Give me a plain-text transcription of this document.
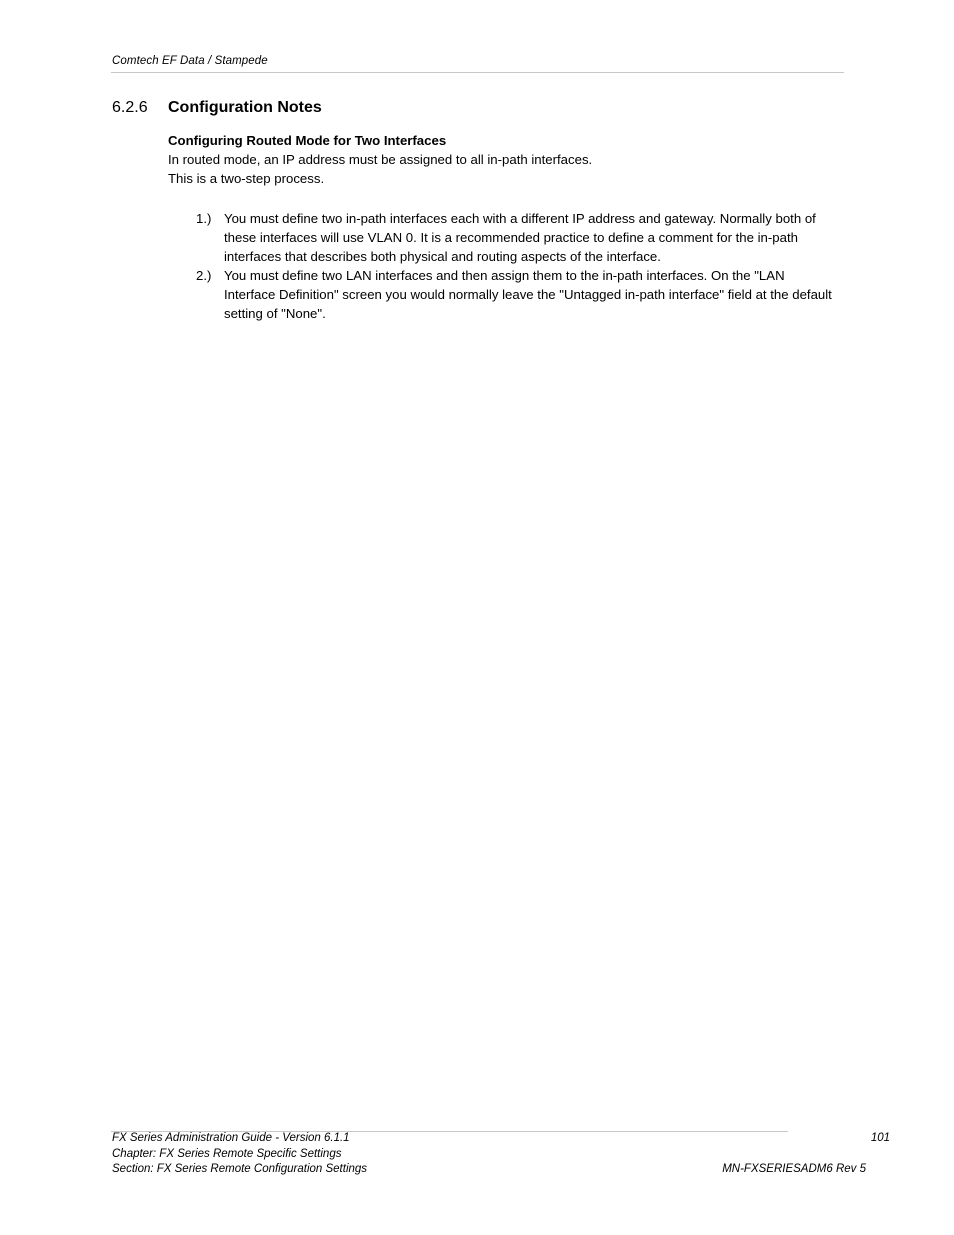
Comtech EF Data / Stampede
6.2.6 Configuration Notes
Configuring Routed Mode for Two Interfaces

In routed mode, an IP address must be assigned to all in-path interfaces.

This is a two-step process.

1.) You must define two in-path interfaces each with a different IP address and gateway. Normally both of these interfaces will use VLAN 0. It is a recommended practice to define a comment for the in-path interfaces that describes both physical and routing aspects of the interface.
2.) You must define two LAN interfaces and then assign them to the in-path interfaces. On the "LAN Interface Definition" screen you would normally leave the "Untagged in-path interface" field at the default setting of "None".
FX Series Administration Guide - Version 6.1.1
Chapter: FX Series Remote Specific Settings
Section: FX Series Remote Configuration Settings
101
MN-FXSERIESADM6 Rev 5
